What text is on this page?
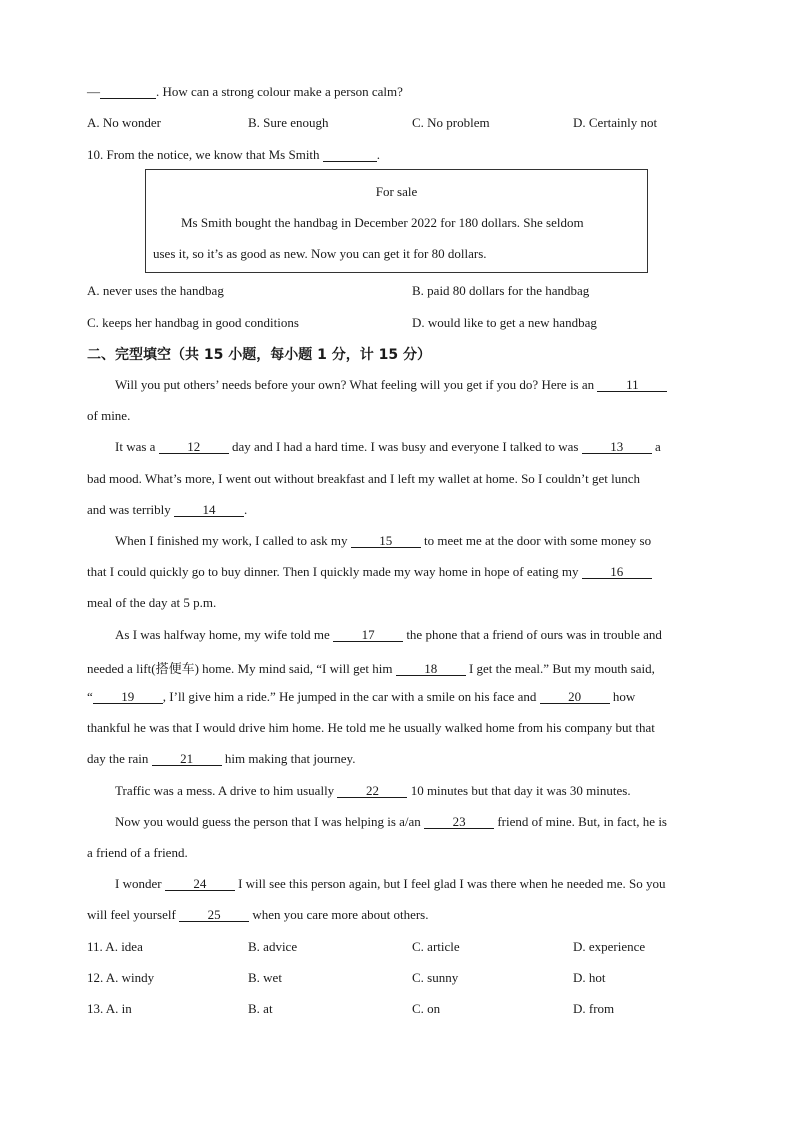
—	. How can a strong colour make a person calm?
A. No wonder	B. Sure enough	C. No problem	D. Certainly not
10. From the notice, we know that Ms Smith	.
For sale
Ms Smith bought the handbag in December 2022 for 180 dollars. She seldom
uses it, so it’s as good as new. Now you can get it for 80 dollars.
A. never uses the handbag	B. paid 80 dollars for the handbag
C. keeps her handbag in good conditions	D. would like to get a new handbag
二、完型填空（共 15 小题，每小题 1 分，计 15 分）
Will you put others’ needs before your own? What feeling will you get if you do? Here is an 11
of mine.
It was a 12 day and I had a hard time. I was busy and everyone I talked to was 13 a
bad mood. What’s more, I went out without breakfast and I left my wallet at home. So I couldn’t get lunch
and was terribly 14 .
When I finished my work, I called to ask my 15 to meet me at the door with some money so
that I could quickly go to buy dinner. Then I quickly made my way home in hope of eating my 16
meal of the day at 5 p.m.
As I was halfway home, my wife told me 17 the phone that a friend of ours was in trouble and
needed a lift(搭便车) home. My mind said, “I will get him 18 I get the meal.” But my mouth said,
“ 19 , I’ll give him a ride.” He jumped in the car with a smile on his face and 20 how
thankful he was that I would drive him home. He told me he usually walked home from his company but that
day the rain 21 him making that journey.
Traffic was a mess. A drive to him usually 22 10 minutes but that day it was 30 minutes.
Now you would guess the person that I was helping is a/an 23 friend of mine. But, in fact, he is
a friend of a friend.
I wonder 24 I will see this person again, but I feel glad I was there when he needed me. So you
will feel yourself 25 when you care more about others.
11. A. idea	B. advice	C. article	D. experience
12. A. windy	B. wet	C. sunny	D. hot
13. A. in	B. at	C. on	D. from
